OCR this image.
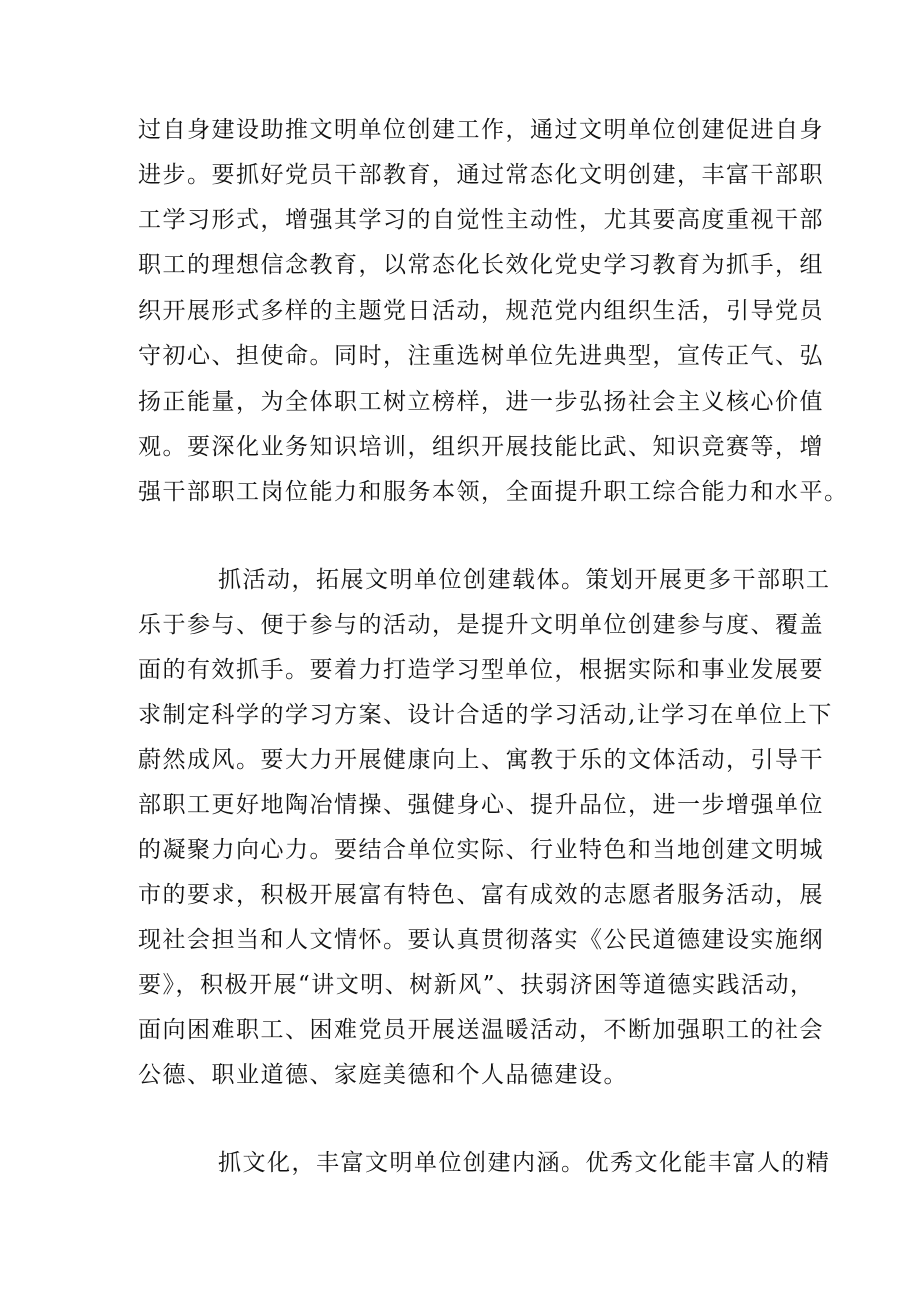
过自身建设助推文明单位创建工作，通过文明单位创建促进自身
进步。要抓好党员干部教育，通过常态化文明创建，丰富干部职
工学习形式，增强其学习的自觉性主动性，尤其要高度重视干部
职工的理想信念教育，以常态化长效化党史学习教育为抓手，组
织开展形式多样的主题党日活动，规范党内组织生活，引导党员
守初心、担使命。同时，注重选树单位先进典型，宣传正气、弘
扬正能量，为全体职工树立榜样，进一步弘扬社会主义核心价值
观。要深化业务知识培训，组织开展技能比武、知识竞赛等，增
强干部职工岗位能力和服务本领，全面提升职工综合能力和水平。
抓活动，拓展文明单位创建载体。策划开展更多干部职工
乐于参与、便于参与的活动，是提升文明单位创建参与度、覆盖
面的有效抓手。要着力打造学习型单位，根据实际和事业发展要
求制定科学的学习方案、设计合适的学习活动,让学习在单位上下
蔚然成风。要大力开展健康向上、寓教于乐的文体活动，引导干
部职工更好地陶冶情操、强健身心、提升品位，进一步增强单位
的凝聚力向心力。要结合单位实际、行业特色和当地创建文明城
市的要求，积极开展富有特色、富有成效的志愿者服务活动，展
现社会担当和人文情怀。要认真贯彻落实《公民道德建设实施纲
要》，积极开展“讲文明、树新风”、扶弱济困等道德实践活动，
面向困难职工、困难党员开展送温暖活动，不断加强职工的社会
公德、职业道德、家庭美德和个人品德建设。
抓文化，丰富文明单位创建内涵。优秀文化能丰富人的精
